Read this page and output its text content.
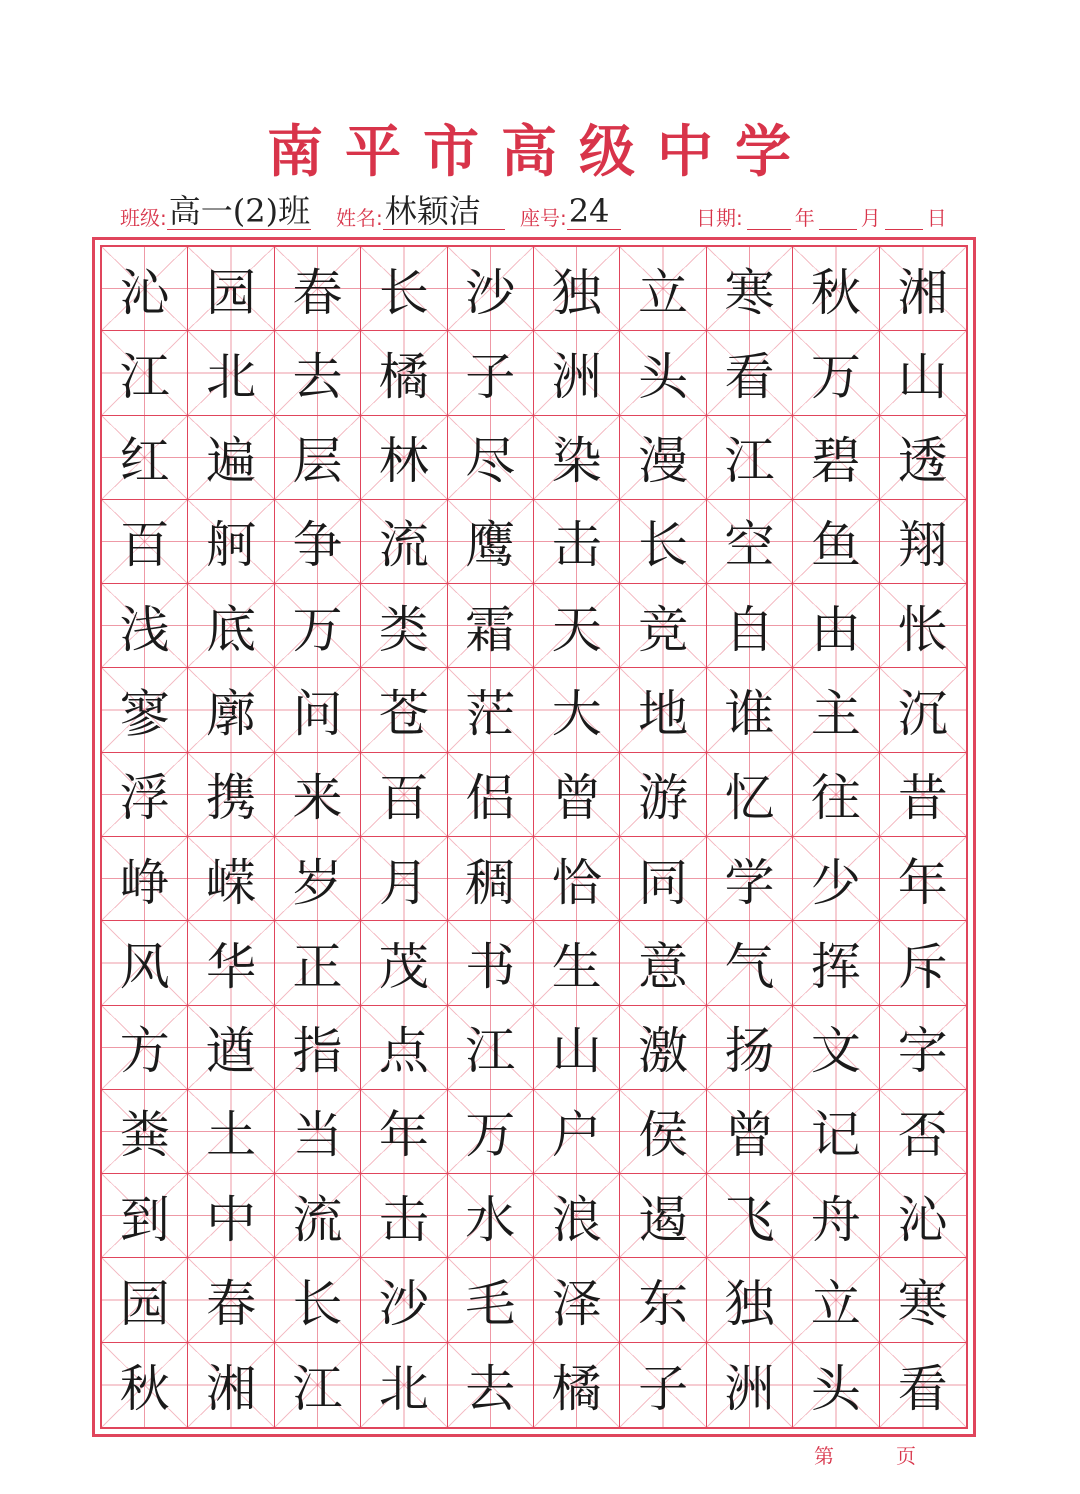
南平市高级中学
班级: 高一(2)班 姓名: 林颖洁	座号: 24	日期:	年 月 日
沁 园 春 长 沙 独 立 寒 秋 湘
江 北 去 橘 子 洲 头 看 万 山
红 遍 层 林 尽 染 漫 江 碧 透
百 舸 争 流 鹰 击 长 空 鱼 翔
浅 底 万 类 霜 天 竞 自 由 怅
寥 廓 问 苍 茫 大 地 谁 主 沉
浮 携 来 百 侣 曾 游 忆 往 昔
峥 嵘 岁 月 稠 恰 同 学 少 年
风 华 正 茂 书 生 意 气 挥 斥
方 遒 指 点 江 山 激 扬 文 字
粪 土 当 年 万 户 侯 曾 记 否
到 中 流 击 水 浪 遏 飞 舟 沁
园 春 长 沙 毛 泽 东 独 立 寒
秋 湘 江 北 去 橘 子 洲 头 看
第	页
